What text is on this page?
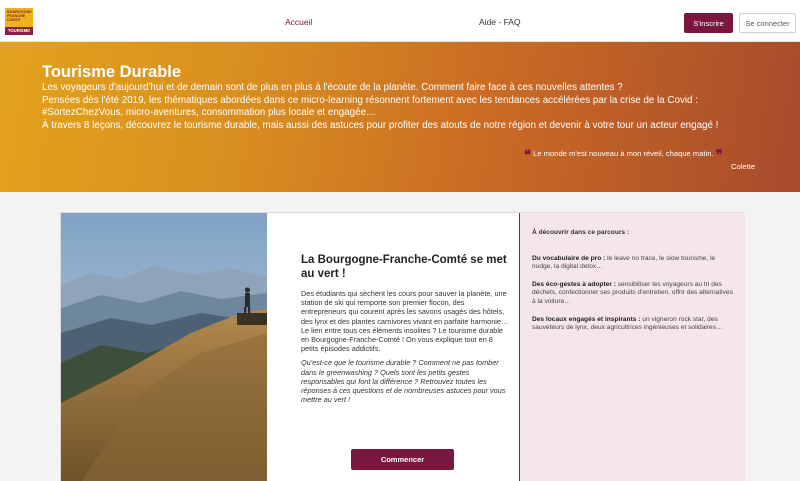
BOURGOGNE
FRANCHE
COMTÉ
TOURISME
Accueil	Aide - FAQ	S'inscrire	Se connecter
Tourisme Durable

Les voyageurs d'aujourd'hui et de demain sont de plus en plus à l'écoute de la planète. Comment faire face à ces nouvelles attentes ?

Pensées dès l'été 2019, les thématiques abordées dans ce micro-learning résonnent fortement avec les tendances accélérées par la crise de la Covid : #SortezChezVous, micro-aventures, consommation plus locale et engagée…

À travers 8 leçons, découvrez le tourisme durable, mais aussi des astuces pour profiter des atouts de notre région et devenir à votre tour un acteur engagé !

❝ Le monde m'est nouveau à mon réveil, chaque matin. ❞
Colette
La Bourgogne-Franche-Comté se met au vert !

Des étudiants qui sèchent les cours pour sauver la planète, une station de ski qui remporte son premier flocon, des entrepreneurs qui courent après les savons usagés des hôtels, des lynx et des plantes carnivores vivant en parfaite harmonie…

Le lien entre tous ces éléments insolites ? Le tourisme durable en Bourgogne-Franche-Comté ! On vous explique tout en 8 petits épisodes addictifs.

Qu'est-ce que le tourisme durable ? Comment ne pas tomber dans le greenwashing ? Quels sont les petits gestes responsables qui font la différence ? Retrouvez toutes les réponses à ces questions et de nombreuses astuces pour vous mettre au vert !

Commencer
À découvrir dans ce parcours :
Du vocabulaire de pro : le leave no trace, le slow tourisme, le nudge, la digital detox…
Des éco-gestes à adopter : sensibiliser les voyageurs au tri des déchets, confectionner ses produits d'entretien, offrir des alternatives à la voiture…
Des locaux engagés et inspirants : un vigneron rock star, des sauveteurs de lynx, deux agricultrices ingénieuses et solidaires…
